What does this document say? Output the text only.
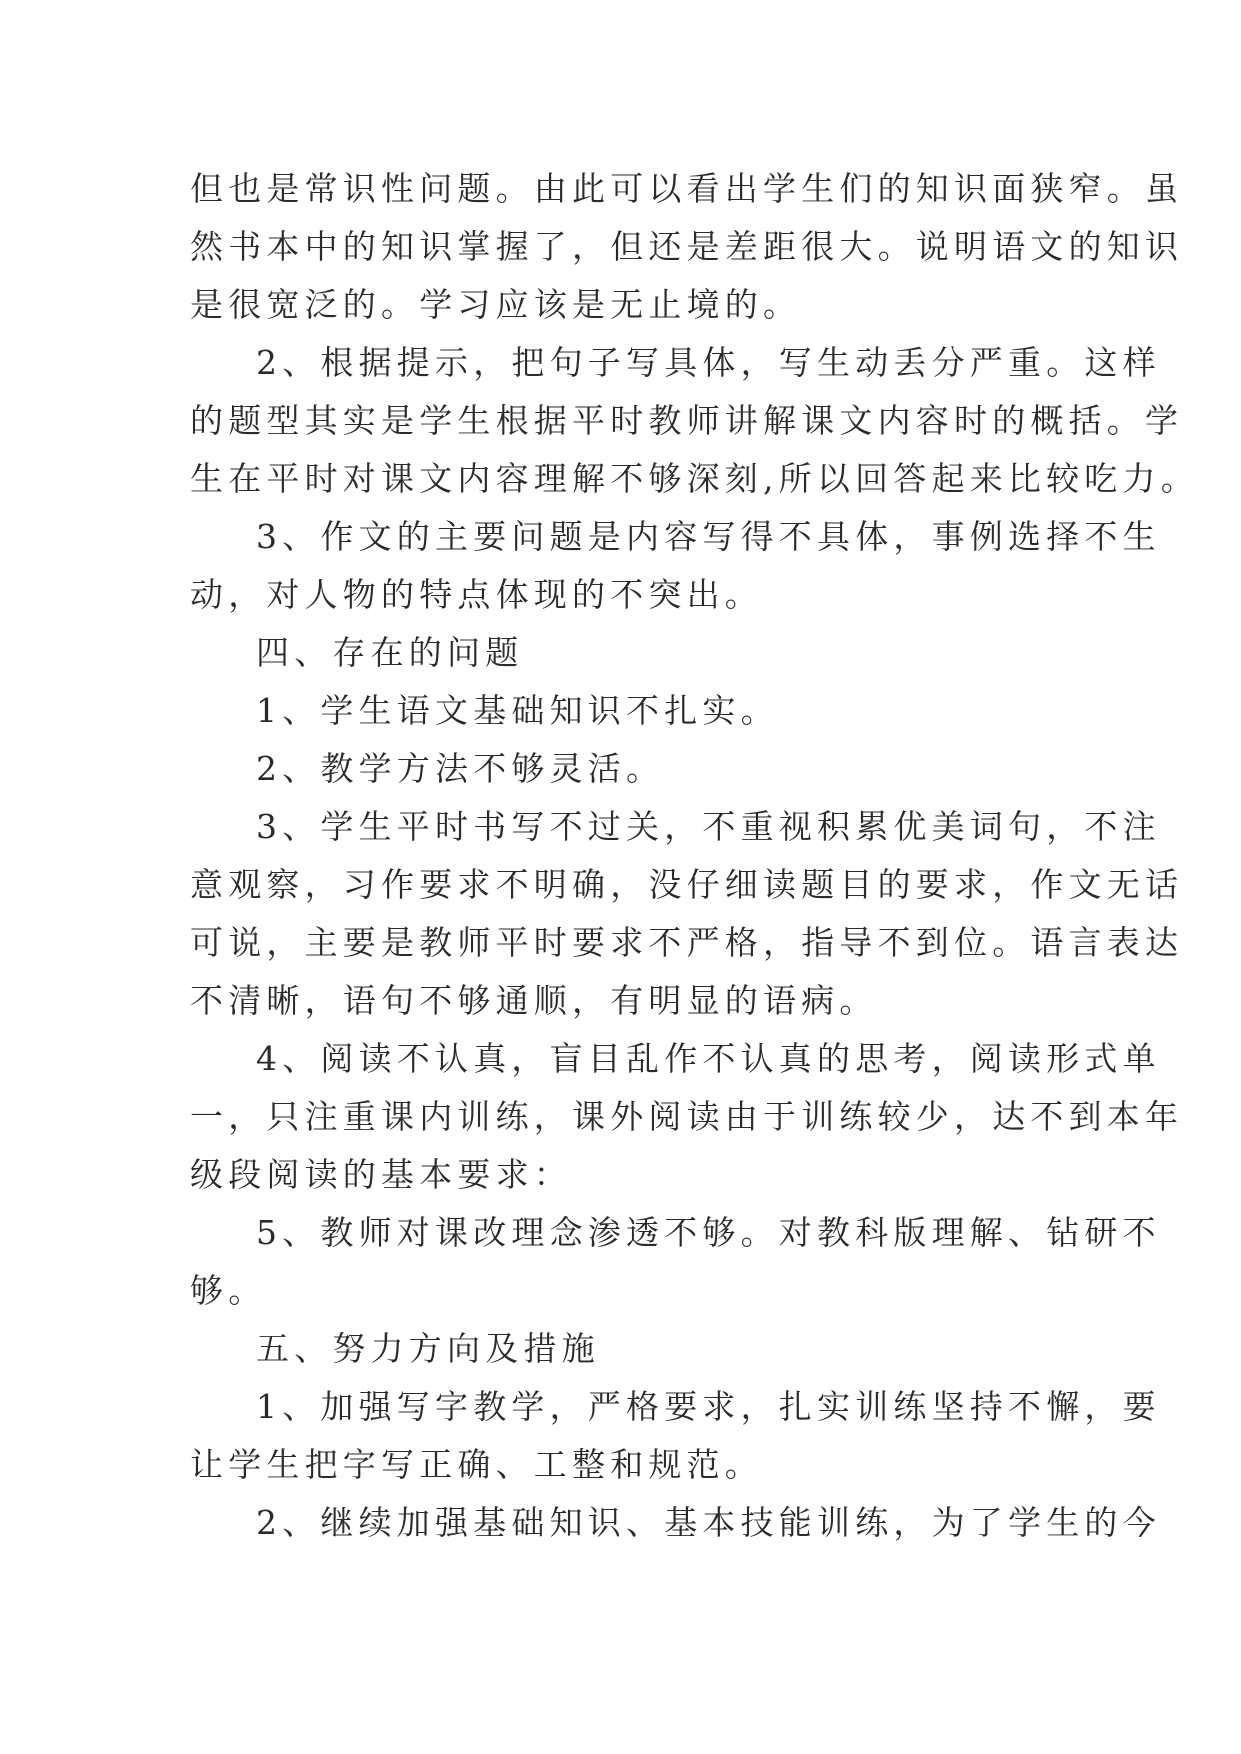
但也是常识性问题。由此可以看出学生们的知识面狭窄。虽
然书本中的知识掌握了，但还是差距很大。说明语文的知识
是很宽泛的。学习应该是无止境的。
2、根据提示，把句子写具体，写生动丢分严重。这样
的题型其实是学生根据平时教师讲解课文内容时的概括。学
生在平时对课文内容理解不够深刻,所以回答起来比较吃力。
3、作文的主要问题是内容写得不具体，事例选择不生
动，对人物的特点体现的不突出。
四、存在的问题
1、学生语文基础知识不扎实。
2、教学方法不够灵活。
3、学生平时书写不过关，不重视积累优美词句，不注
意观察，习作要求不明确，没仔细读题目的要求，作文无话
可说，主要是教师平时要求不严格，指导不到位。语言表达
不清晰，语句不够通顺，有明显的语病。
4、阅读不认真，盲目乱作不认真的思考，阅读形式单
一，只注重课内训练，课外阅读由于训练较少，达不到本年
级段阅读的基本要求：
5、教师对课改理念渗透不够。对教科版理解、钻研不
够。
五、努力方向及措施
1、加强写字教学，严格要求，扎实训练坚持不懈，要
让学生把字写正确、工整和规范。
2、继续加强基础知识、基本技能训练，为了学生的今
